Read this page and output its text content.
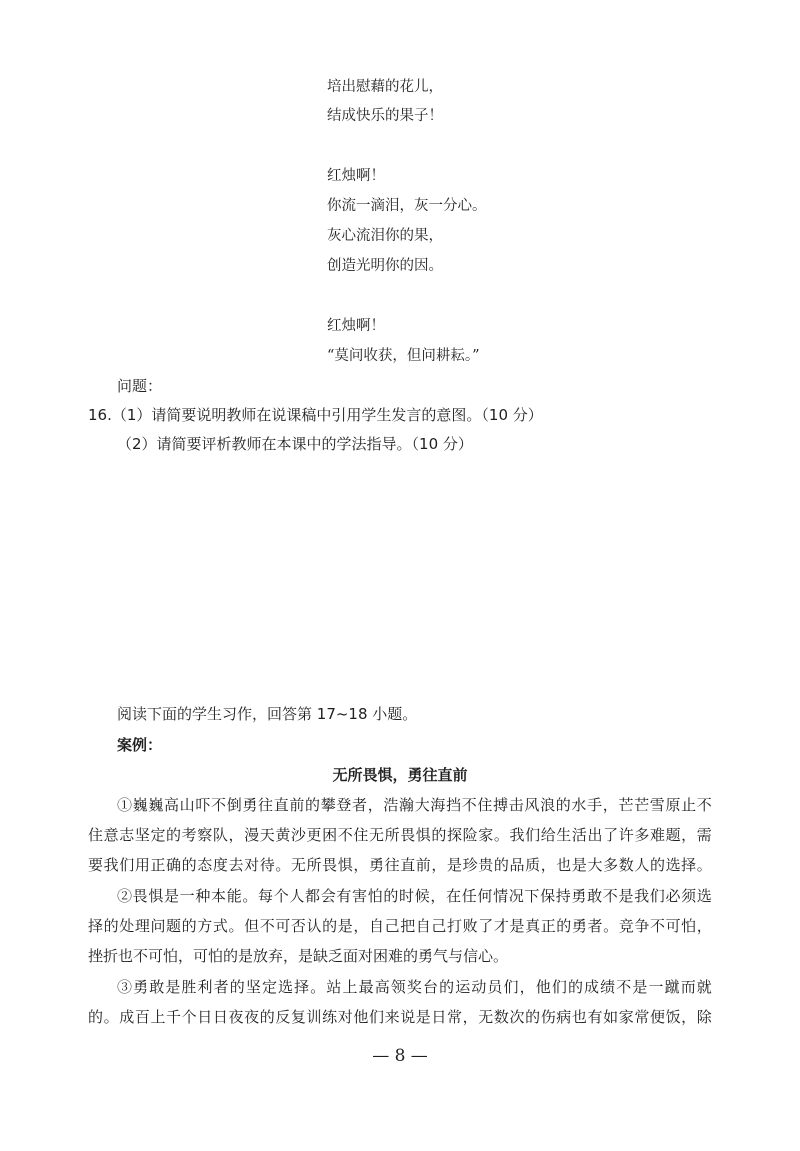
培出慰藉的花儿，
结成快乐的果子！
红烛啊！
你流一滴泪，灰一分心。
灰心流泪你的果，
创造光明你的因。
红烛啊！
“莫问收获，但问耕耘。”
问题：
16.（1）请简要说明教师在说课稿中引用学生发言的意图。（10 分）
（2）请简要评析教师在本课中的学法指导。（10 分）
阅读下面的学生习作，回答第 17~18 小题。
案例：
无所畏惧，勇往直前
①巍巍高山吓不倒勇往直前的攀登者，浩瀚大海挡不住搏击风浪的水手，芒芒雪原止不
住意志坚定的考察队，漫天黄沙更困不住无所畏惧的探险家。我们给生活出了许多难题，需
要我们用正确的态度去对待。无所畏惧，勇往直前，是珍贵的品质，也是大多数人的选择。
②畏惧是一种本能。每个人都会有害怕的时候，在任何情况下保持勇敢不是我们必须选
择的处理问题的方式。但不可否认的是，自己把自己打败了才是真正的勇者。竞争不可怕，
挫折也不可怕，可怕的是放弃，是缺乏面对困难的勇气与信心。
③勇敢是胜利者的坚定选择。站上最高领奖台的运动员们，他们的成绩不是一蹴而就
的。成百上千个日日夜夜的反复训练对他们来说是日常，无数次的伤病也有如家常便饭，除
— 8 —
